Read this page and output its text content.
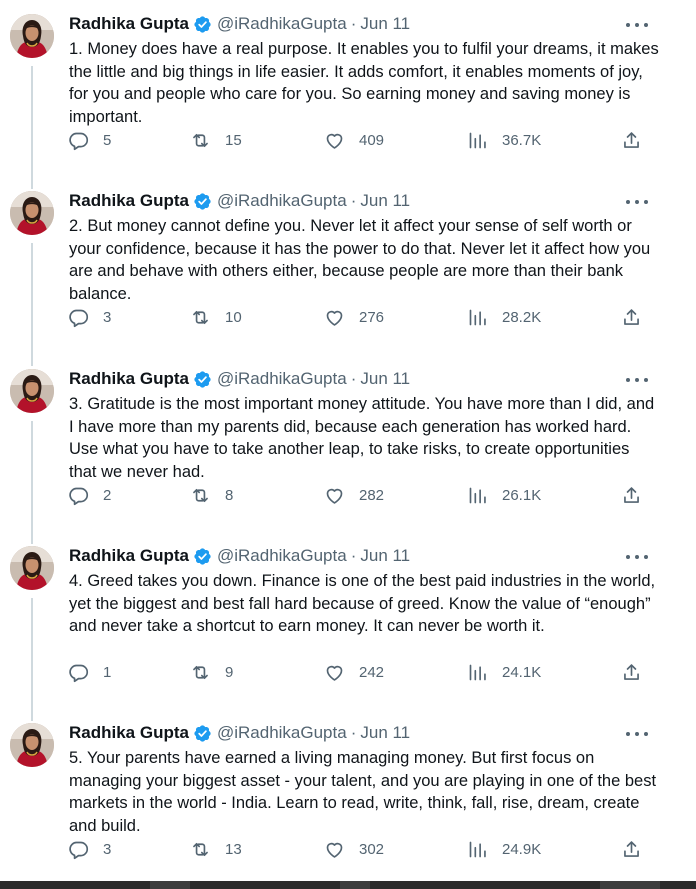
Radhika Gupta @iRadhikaGupta · Jun 11
1. Money does have a real purpose. It enables you to fulfil your dreams, it makes the little and big things in life easier. It adds comfort, it enables moments of joy, for you and people who care for you. So earning money and saving money is important.
5	15	409	36.7K
Radhika Gupta @iRadhikaGupta · Jun 11
2. But money cannot define you. Never let it affect your sense of self worth or your confidence, because it has the power to do that. Never let it affect how you are and behave with others either, because people are more than their bank balance.
3	10	276	28.2K
Radhika Gupta @iRadhikaGupta · Jun 11
3. Gratitude is the most important money attitude. You have more than I did, and I have more than my parents did, because each generation has worked hard. Use what you have to take another leap, to take risks, to create opportunities that we never had.
2	8	282	26.1K
Radhika Gupta @iRadhikaGupta · Jun 11
4. Greed takes you down. Finance is one of the best paid industries in the world, yet the biggest and best fall hard because of greed. Know the value of “enough” and never take a shortcut to earn money. It can never be worth it.
1	9	242	24.1K
Radhika Gupta @iRadhikaGupta · Jun 11
5. Your parents have earned a living managing money. But first focus on managing your biggest asset - your talent, and you are playing in one of the best markets in the world - India. Learn to read, write, think, fall, rise, dream, create and build.
3	13	302	24.9K
